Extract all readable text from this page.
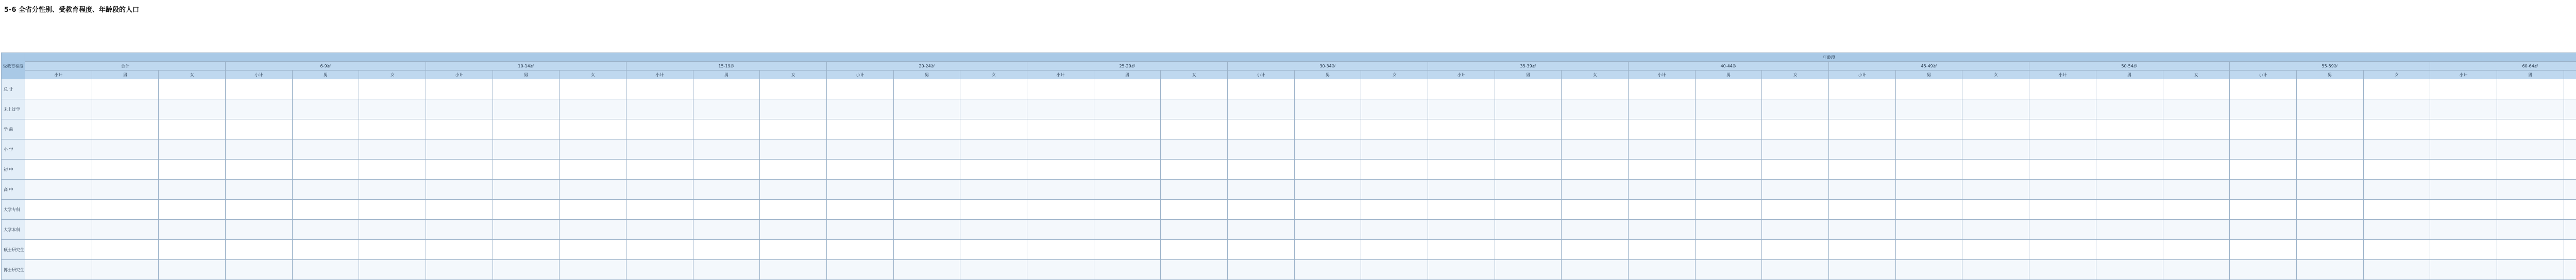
5-6 全省分性别、受教育程度、年龄段的人口
受教育程度	年龄段																																																					
	合计			6-9岁			10-14岁			15-19岁			20-24岁			25-29岁			30-34岁			35-39岁			40-44岁			45-49岁			50-54岁			55-59岁			60-64岁					
	小计	男	女	小计	男	女	小计	男	女	小计	男	女	小计	男	女	小计	男	女	小计	男	女	小计	男	女	小计	男	女	小计	男	女	小计	男	女	小计	男	女	小计	男																
总 计																																																						
未上过学																																																						
学 前																																																						
小 学																																																						
初 中																																																						
高 中																																																						
大学专科																																																						
大学本科																																																						
硕士研究生																																																						
博士研究生																																																						
